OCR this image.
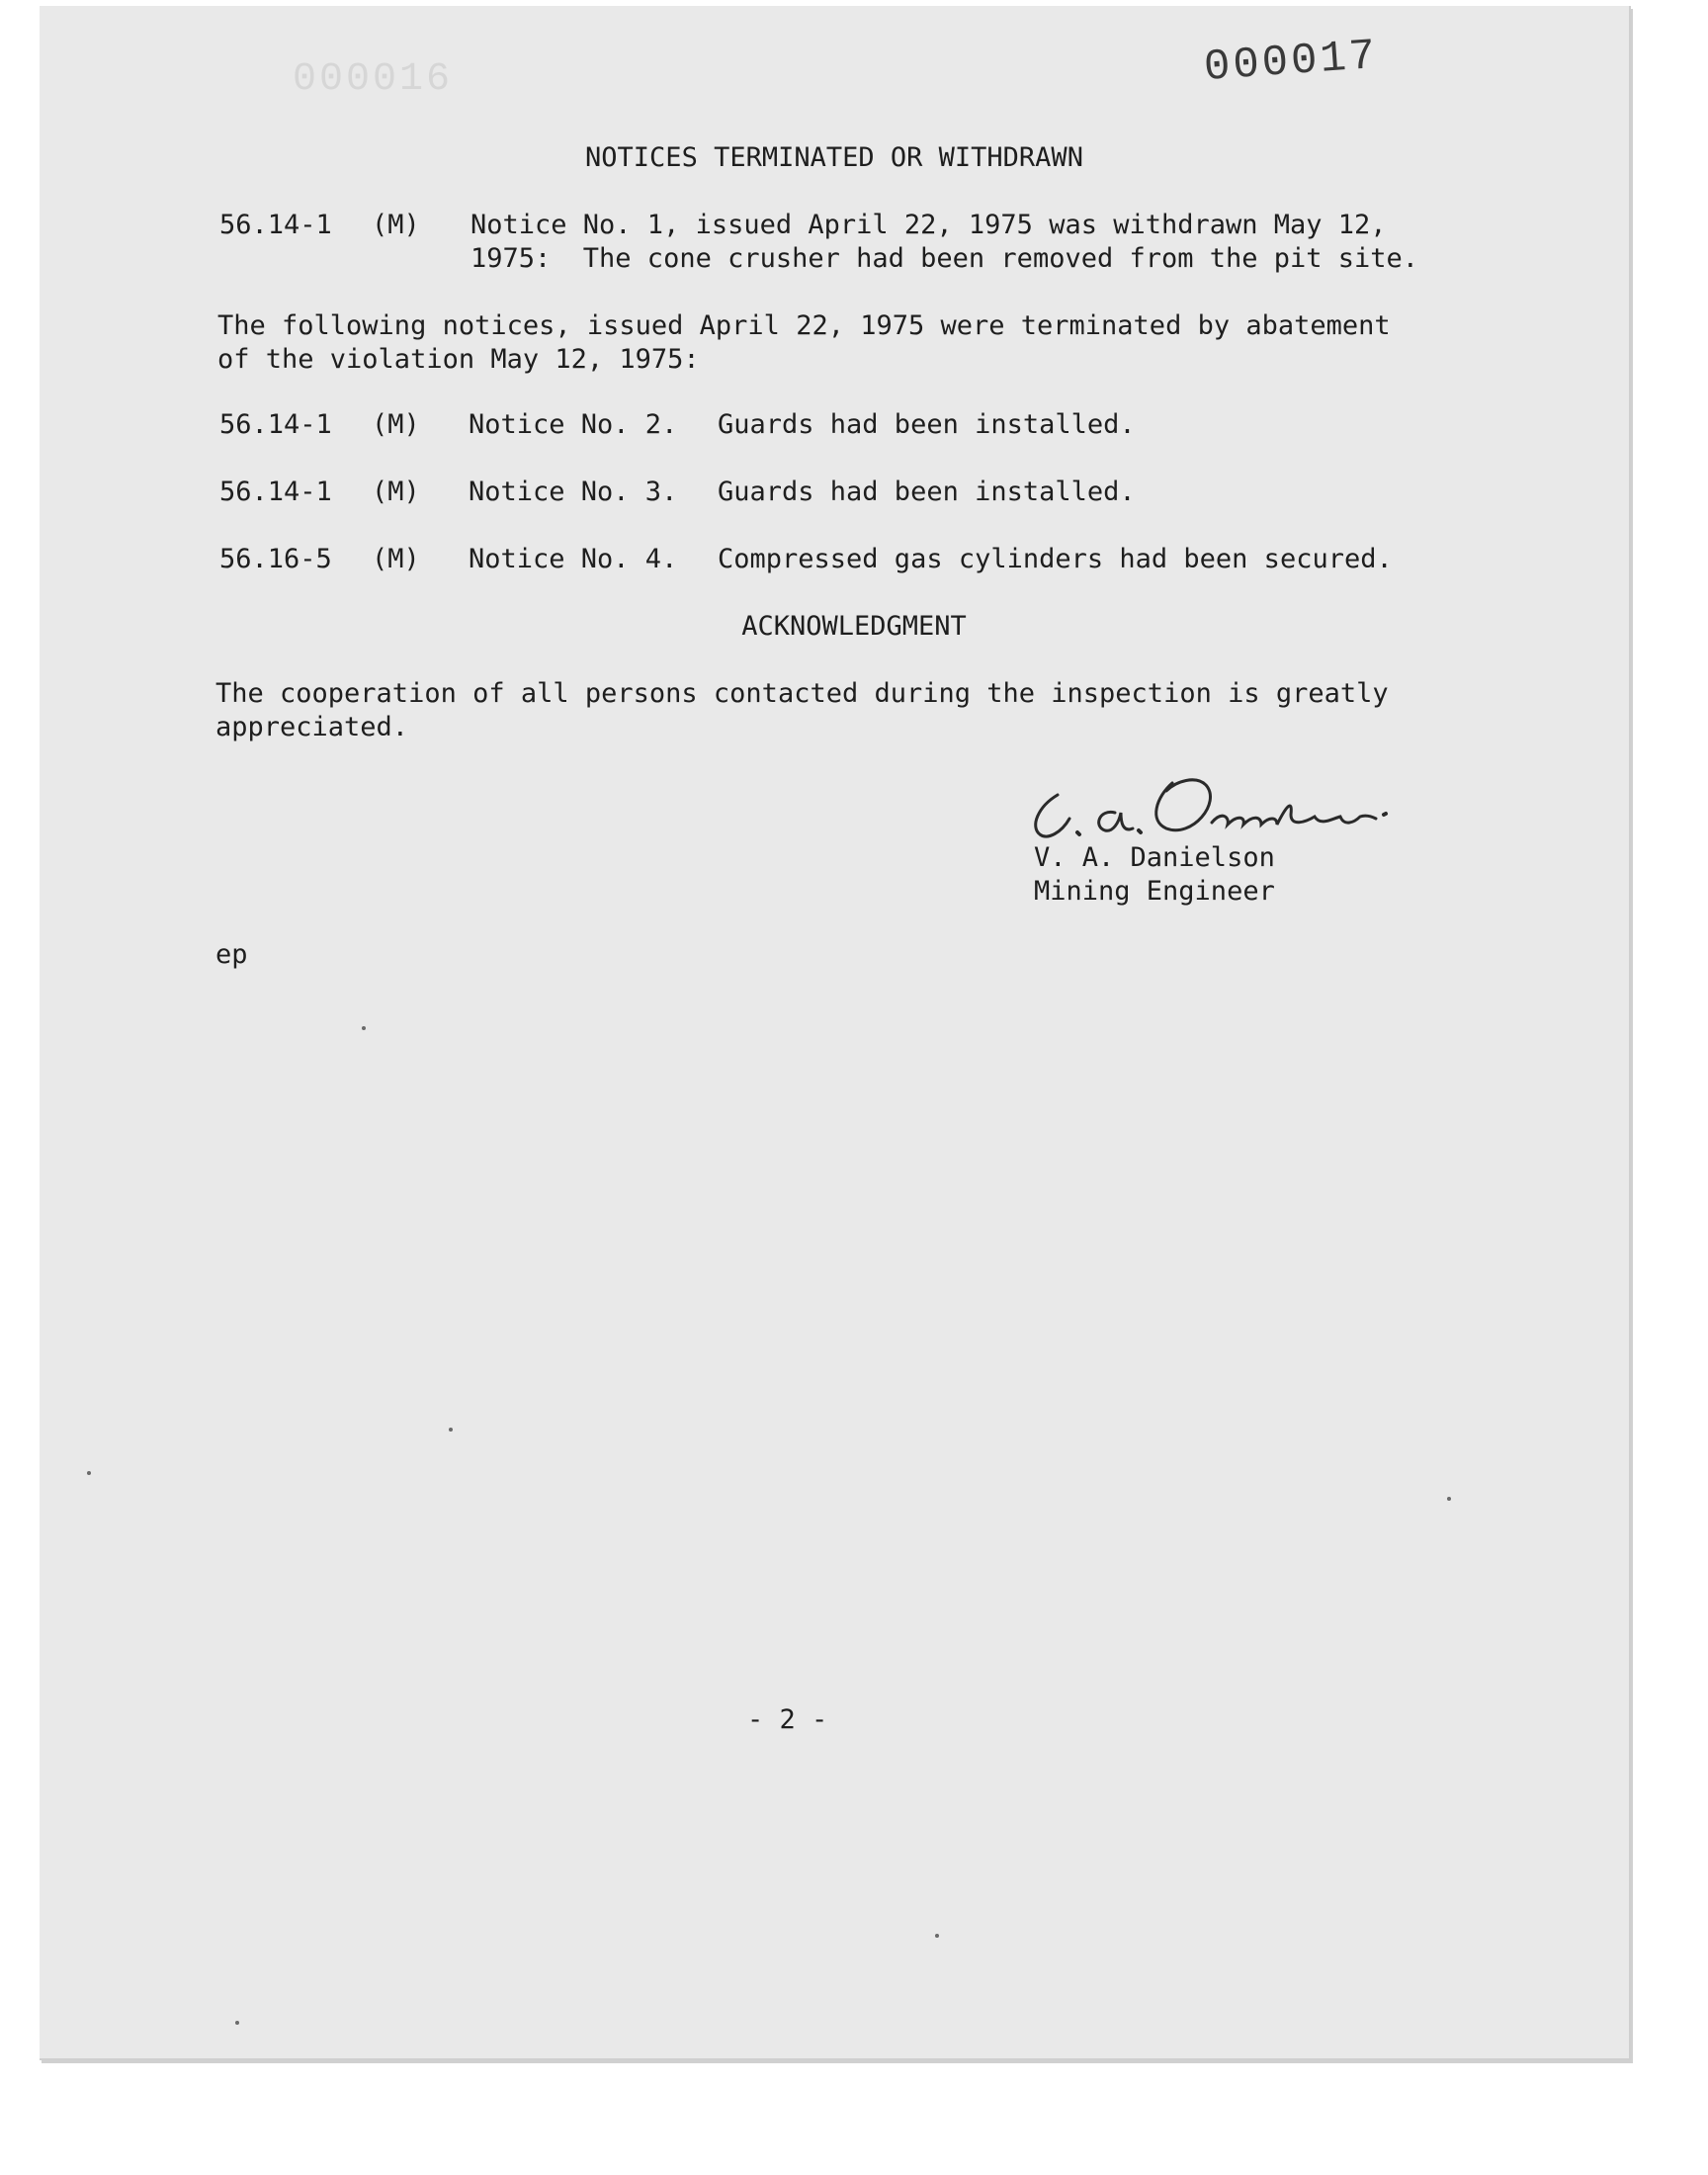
000016	000017
NOTICES TERMINATED OR WITHDRAWN
56.14-1 (M) Notice No. 1, issued April 22, 1975 was withdrawn May 12,
1975:  The cone crusher had been removed from the pit site.
The following notices, issued April 22, 1975 were terminated by abatement
of the violation May 12, 1975:
56.14-1 (M) Notice No. 2. Guards had been installed.
56.14-1 (M) Notice No. 3. Guards had been installed.
56.16-5 (M) Notice No. 4. Compressed gas cylinders had been secured.
ACKNOWLEDGMENT
The cooperation of all persons contacted during the inspection is greatly
appreciated.
V. A. Danielson
Mining Engineer
ep
- 2 -
